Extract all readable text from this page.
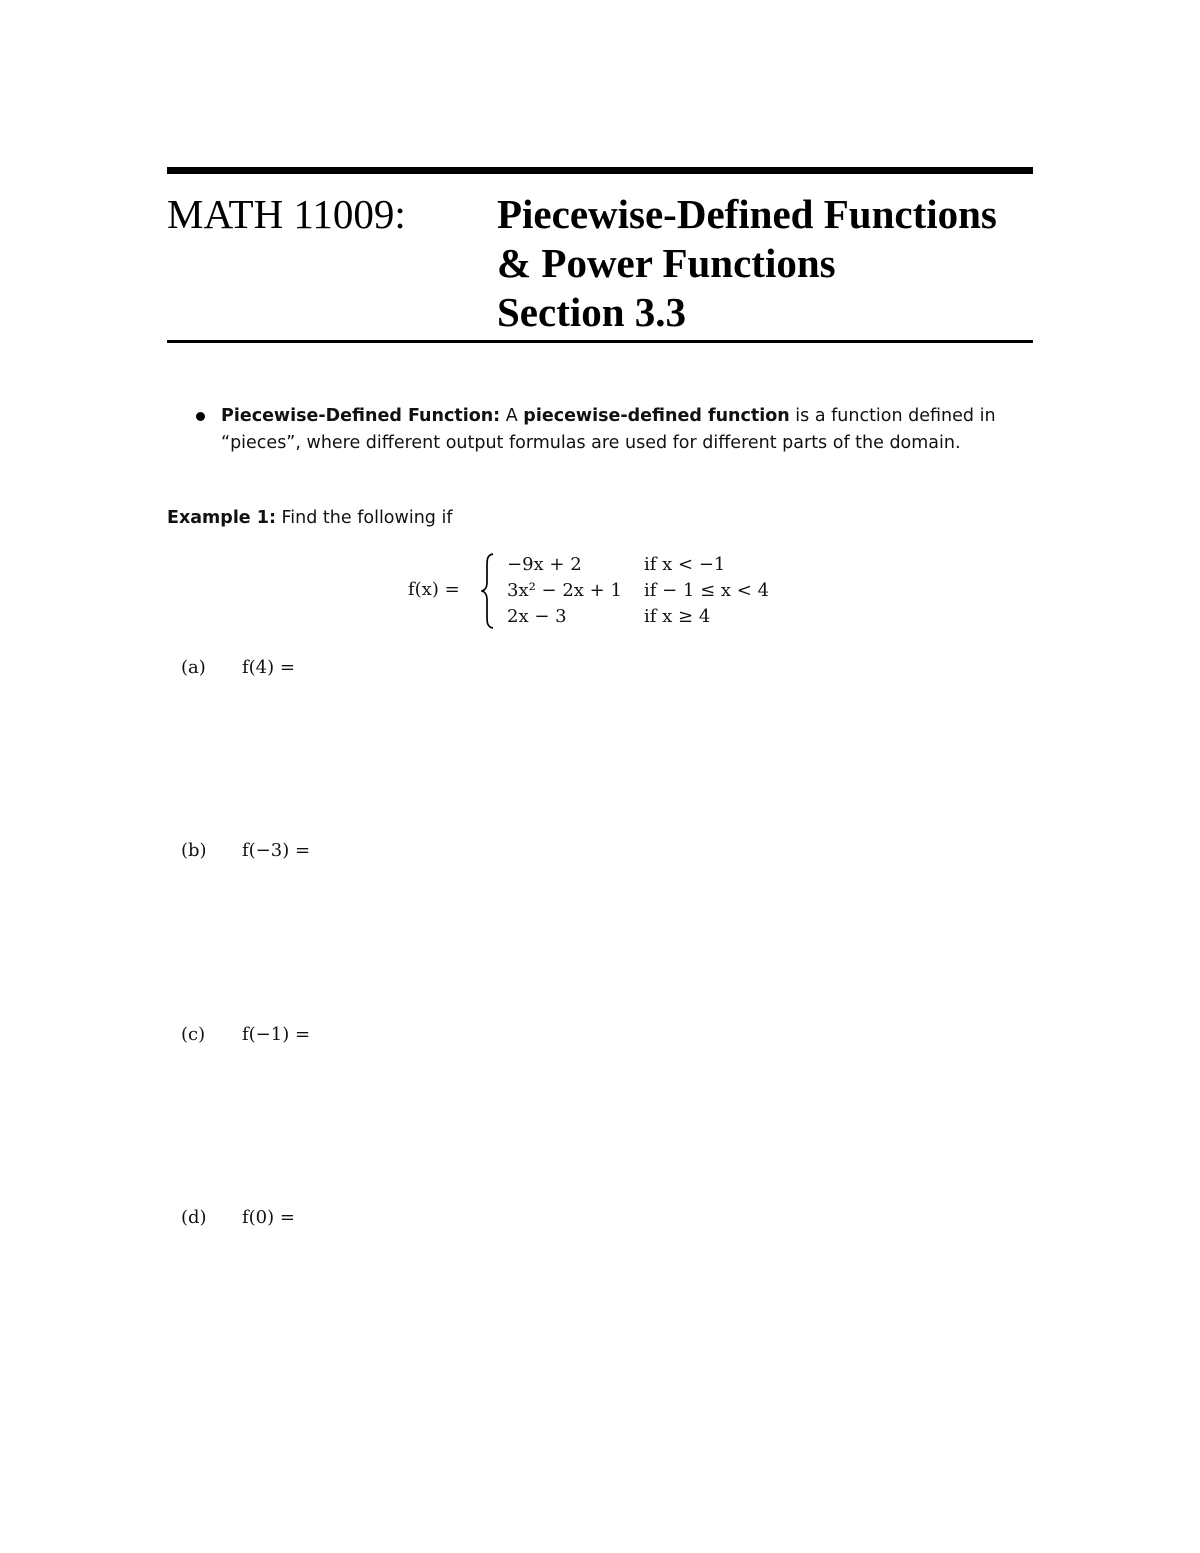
MATH 11009: Piecewise-Defined Functions
& Power Functions
Section 3.3
Piecewise-Defined Function: A piecewise-defined function is a function defined in “pieces”, where different output formulas are used for different parts of the domain.
Example 1: Find the following if
f(x) =
−9x + 2	if x < −1
3x² − 2x + 1 if − 1 ≤ x < 4
2x − 3	if x ≥ 4
(a) f(4) =
(b) f(−3) =
(c) f(−1) =
(d) f(0) =
